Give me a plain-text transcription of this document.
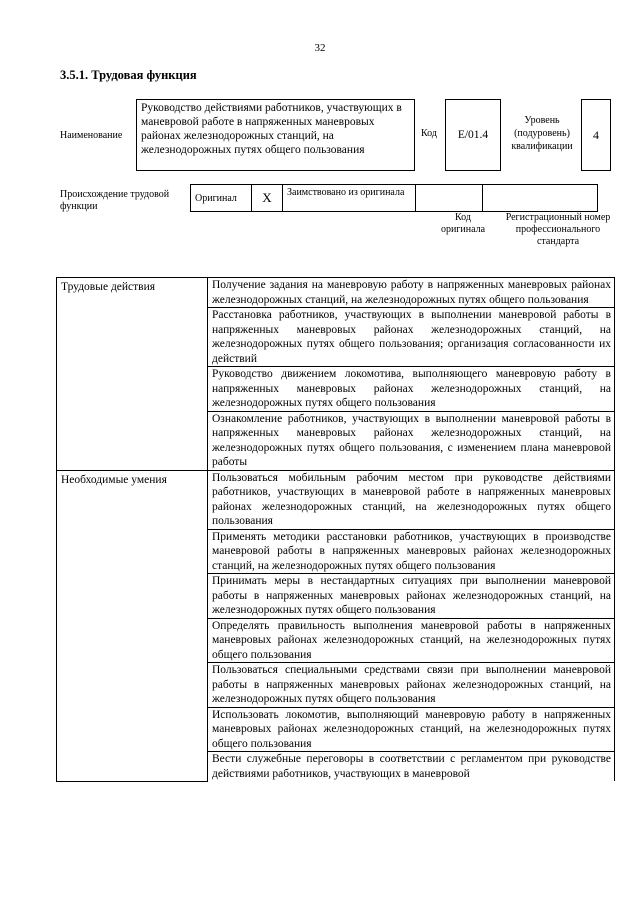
32
3.5.1. Трудовая функция
Наименование
Руководство действиями работников, участвующих в маневровой работе в напряженных маневровых районах железнодорожных станций, на железнодорожных путях общего пользования
Код E/01.4
Уровень (подуровень) квалификации
4
Происхождение трудовой функции
Оригинал	X	Заимствовано из оригинала		
Код оригинала
Регистрационный номер профессионального стандарта
Трудовые действия	Получение задания на маневровую работу в напряженных маневровых районах железнодорожных станций, на железнодорожных путях общего пользования
	Расстановка работников, участвующих в выполнении маневровой работы в напряженных маневровых районах железнодорожных станций, на железнодорожных путях общего пользования; организация согласованности их действий
	Руководство движением локомотива, выполняющего маневровую работу в напряженных маневровых районах железнодорожных станций, на железнодорожных путях общего пользования
	Ознакомление работников, участвующих в выполнении маневровой работы в напряженных маневровых районах железнодорожных станций, на железнодорожных путях общего пользования, с изменением плана маневровой работы
Необходимые умения	Пользоваться мобильным рабочим местом при руководстве действиями работников, участвующих в маневровой работе в напряженных маневровых районах железнодорожных станций, на железнодорожных путях общего пользования
	Применять методики расстановки работников, участвующих в производстве маневровой работы в напряженных маневровых районах железнодорожных станций, на железнодорожных путях общего пользования
	Принимать меры в нестандартных ситуациях при выполнении маневровой работы в напряженных маневровых районах железнодорожных станций, на железнодорожных путях общего пользования
	Определять правильность выполнения маневровой работы в напряженных маневровых районах железнодорожных станций, на железнодорожных путях общего пользования
	Пользоваться специальными средствами связи при выполнении маневровой работы в напряженных маневровых районах железнодорожных станций, на железнодорожных путях общего пользования
	Использовать локомотив, выполняющий маневровую работу в напряженных маневровых районах железнодорожных станций, на железнодорожных путях общего пользования
	Вести служебные переговоры в соответствии с регламентом при руководстве действиями работников, участвующих в маневровой
